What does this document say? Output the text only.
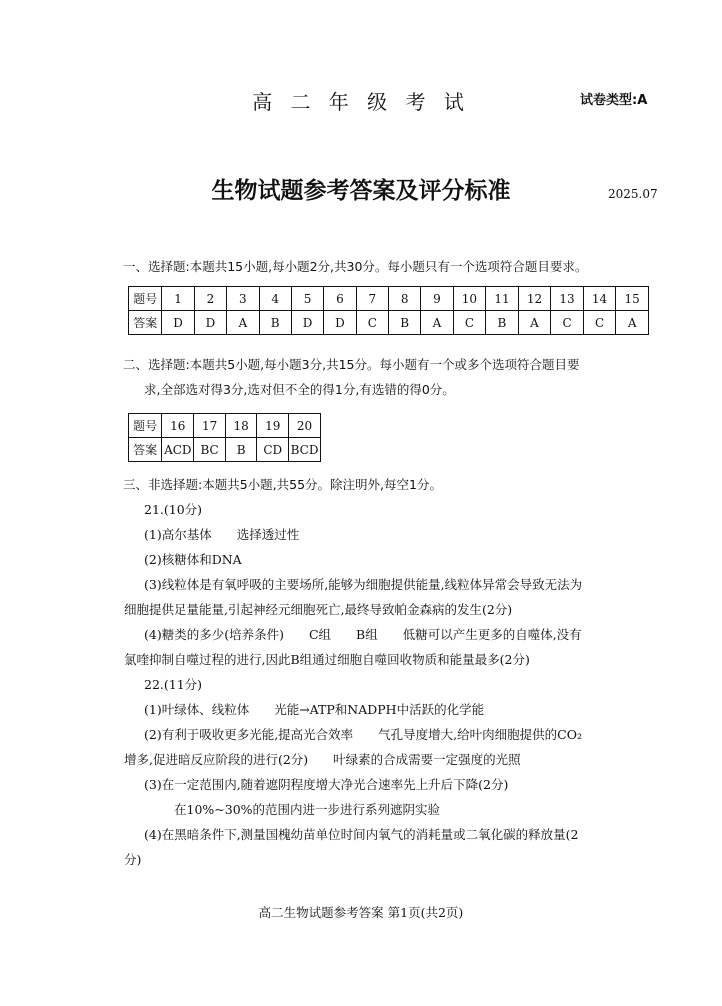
高 二 年 级 考 试	试卷类型:A
生物试题参考答案及评分标准	2025.07
一、选择题:本题共15小题,每小题2分,共30分。每小题只有一个选项符合题目要求。
题号	1	2	3	4	5	6	7	8	9	10	11	12	13	14	15
答案	D	D	A	B	D	D	C	B	A	C	B	A	C	C	A
二、选择题:本题共5小题,每小题3分,共15分。每小题有一个或多个选项符合题目要
求,全部选对得3分,选对但不全的得1分,有选错的得0分。
题号	16	17	18	19	20
答案	ACD	BC	B	CD	BCD
三、非选择题:本题共5小题,共55分。除注明外,每空1分。
21.(10分)
(1)高尔基体　　选择透过性
(2)核糖体和DNA
(3)线粒体是有氧呼吸的主要场所,能够为细胞提供能量,线粒体异常会导致无法为
细胞提供足量能量,引起神经元细胞死亡,最终导致帕金森病的发生(2分)
(4)糖类的多少(培养条件)　　C组　　B组　　低糖可以产生更多的自噬体,没有
氯喹抑制自噬过程的进行,因此B组通过细胞自噬回收物质和能量最多(2分)
22.(11分)
(1)叶绿体、线粒体　　光能→ATP和NADPH中活跃的化学能
(2)有利于吸收更多光能,提高光合效率　　气孔导度增大,给叶肉细胞提供的CO₂
增多,促进暗反应阶段的进行(2分)　　叶绿素的合成需要一定强度的光照
(3)在一定范围内,随着遮阴程度增大净光合速率先上升后下降(2分)
在10%~30%的范围内进一步进行系列遮阴实验
(4)在黑暗条件下,测量国槐幼苗单位时间内氧气的消耗量或二氧化碳的释放量(2
分)
高二生物试题参考答案 第1页(共2页)
